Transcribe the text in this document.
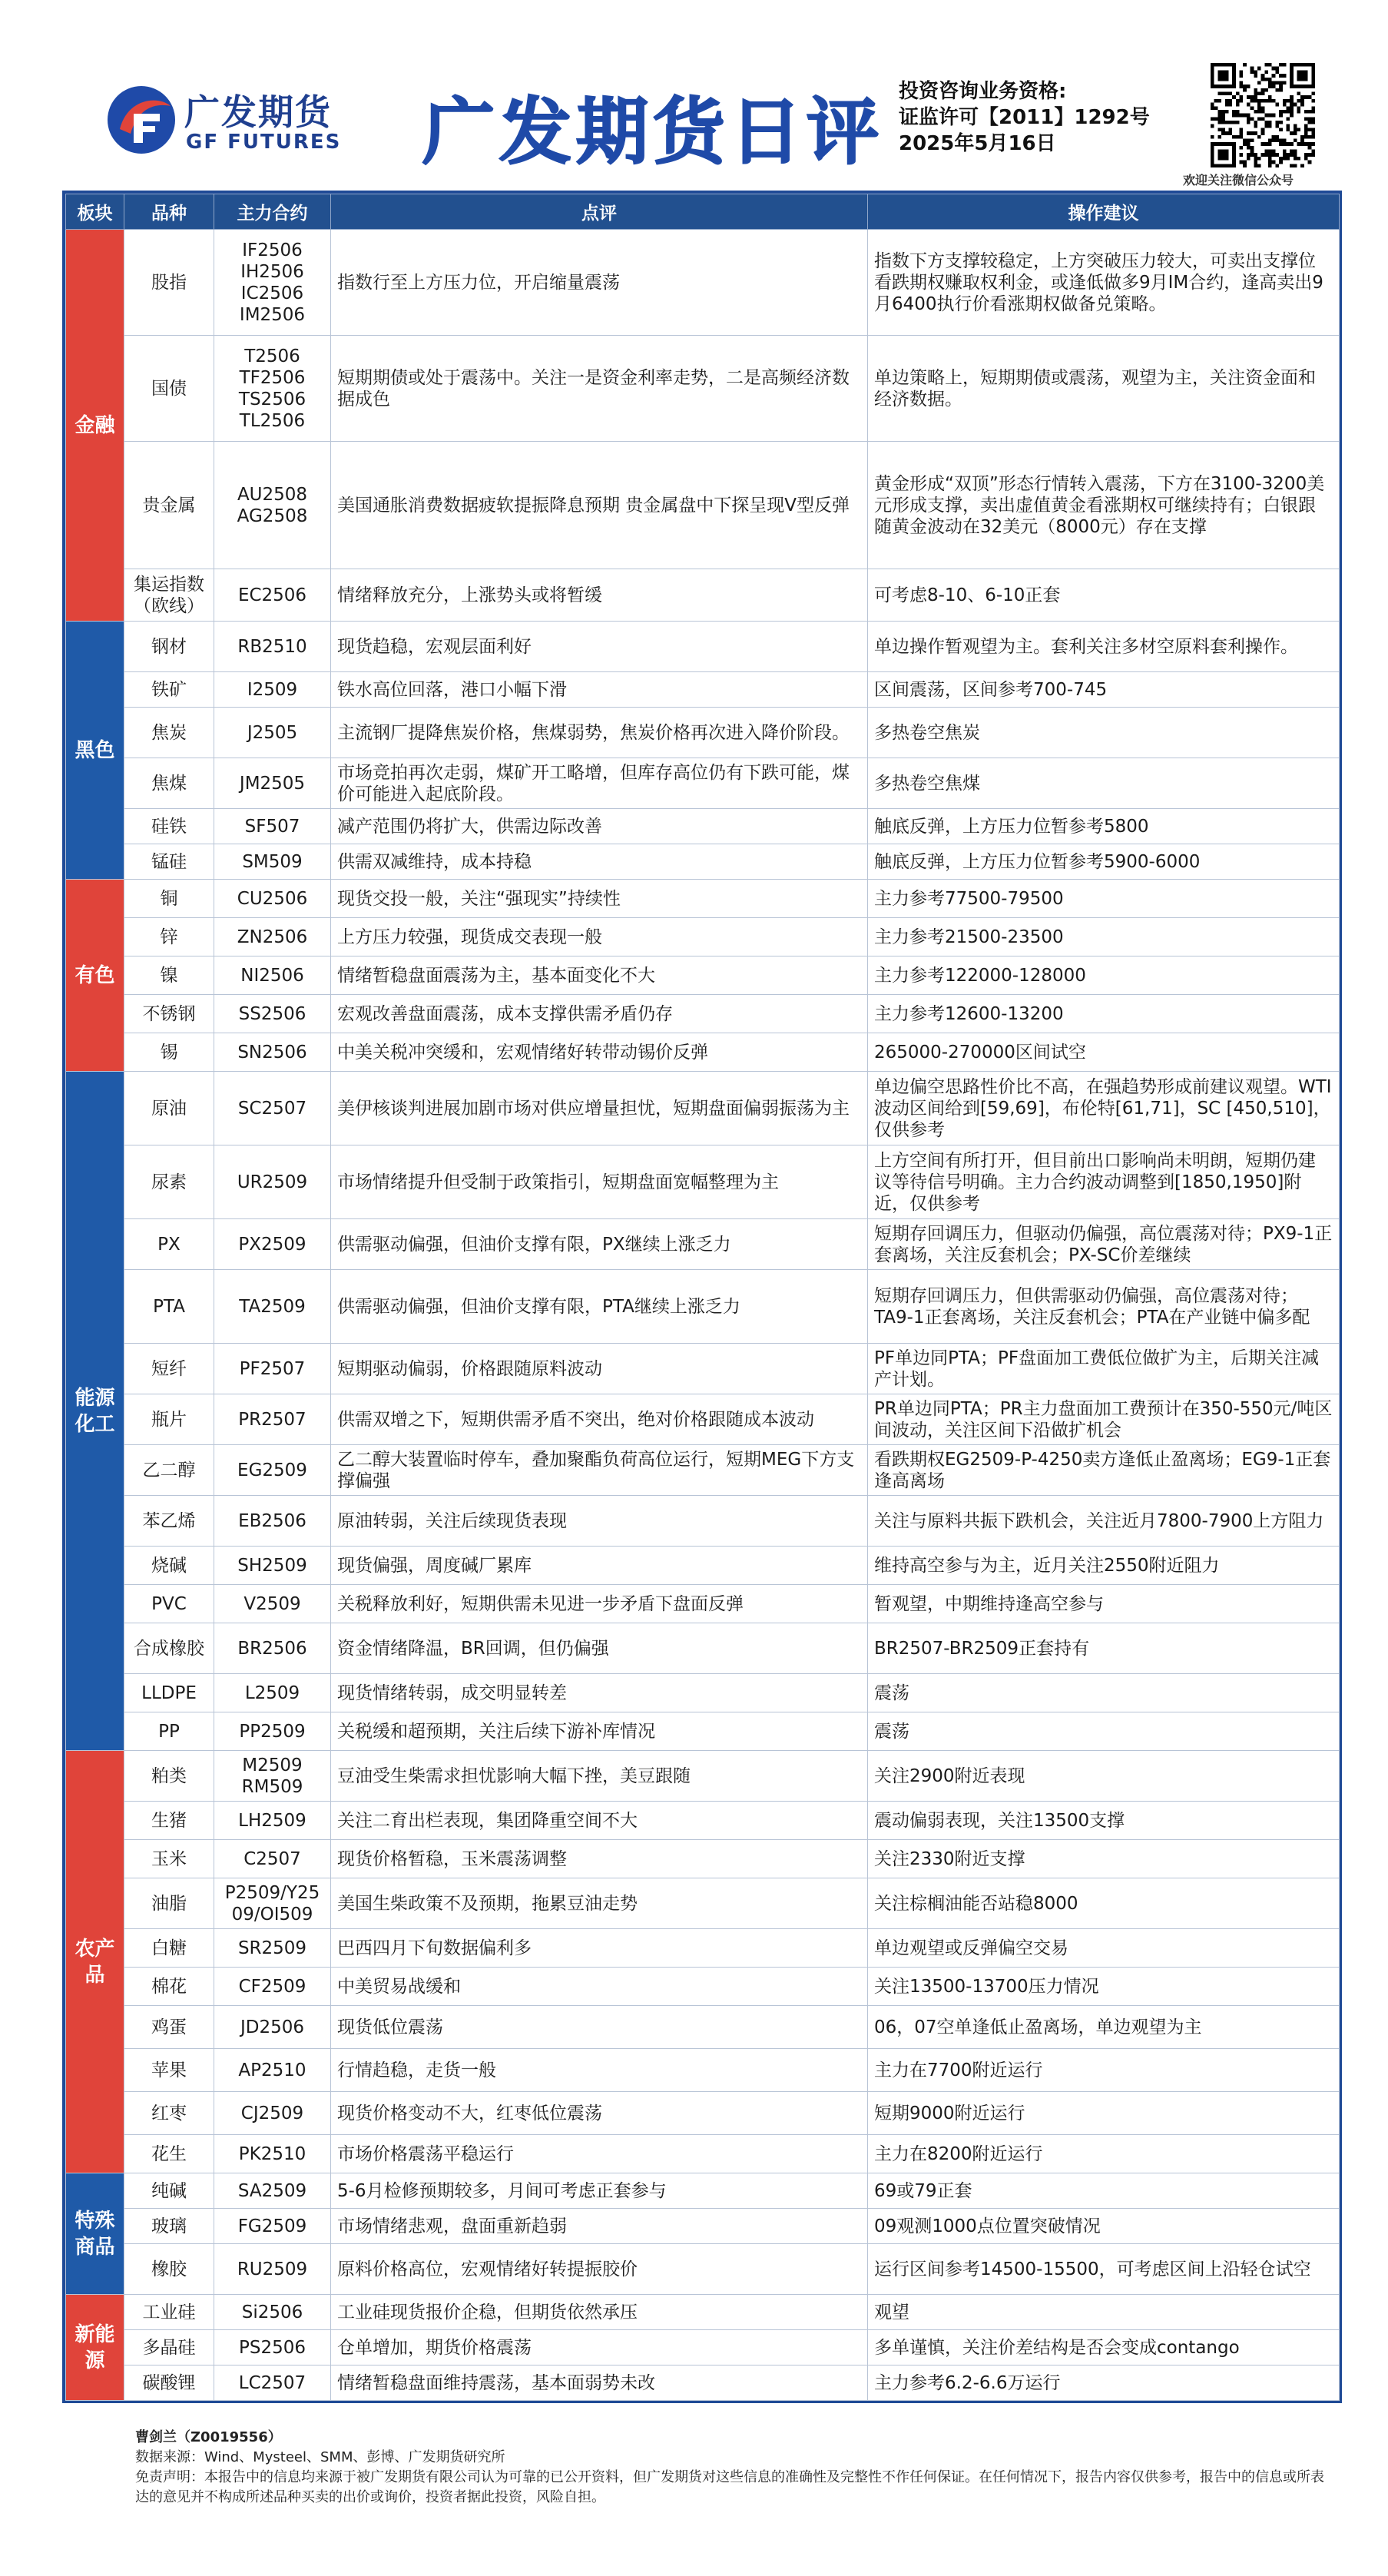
广发期货
GF FUTURES 广发期货日评 投资咨询业务资格:
证监许可【2011】1292号
2025年5月16日
欢迎关注微信公众号
板块	品种	主力合约	点评	操作建议
金融	股指	IF2506
IH2506
IC2506
IM2506	指数行至上方压力位，开启缩量震荡	指数下方支撑较稳定，上方突破压力较大，可卖出支撑位看跌期权赚取权利金，或逢低做多9月IM合约，逢高卖出9月6400执行价看涨期权做备兑策略。
	国债	T2506
TF2506
TS2506
TL2506	短期期债或处于震荡中。关注一是资金利率走势，二是高频经济数据成色	单边策略上，短期期债或震荡，观望为主，关注资金面和经济数据。
	贵金属	AU2508
AG2508	美国通胀消费数据疲软提振降息预期 贵金属盘中下探呈现V型反弹	黄金形成“双顶”形态行情转入震荡，下方在3100-3200美元形成支撑，卖出虚值黄金看涨期权可继续持有；白银跟随黄金波动在32美元（8000元）存在支撑
	集运指数
（欧线）	EC2506	情绪释放充分，上涨势头或将暂缓	可考虑8-10、6-10正套
黑色	钢材	RB2510	现货趋稳，宏观层面利好	单边操作暂观望为主。套利关注多材空原料套利操作。
	铁矿	I2509	铁水高位回落，港口小幅下滑	区间震荡，区间参考700-745
	焦炭	J2505	主流钢厂提降焦炭价格，焦煤弱势，焦炭价格再次进入降价阶段。	多热卷空焦炭
	焦煤	JM2505	市场竞拍再次走弱，煤矿开工略增，但库存高位仍有下跌可能，煤价可能进入起底阶段。	多热卷空焦煤
	硅铁	SF507	减产范围仍将扩大，供需边际改善	触底反弹，上方压力位暂参考5800
	锰硅	SM509	供需双减维持，成本持稳	触底反弹，上方压力位暂参考5900-6000
有色	铜	CU2506	现货交投一般，关注“强现实”持续性	主力参考77500-79500
	锌	ZN2506	上方压力较强，现货成交表现一般	主力参考21500-23500
	镍	NI2506	情绪暂稳盘面震荡为主，基本面变化不大	主力参考122000-128000
	不锈钢	SS2506	宏观改善盘面震荡，成本支撑供需矛盾仍存	主力参考12600-13200
	锡	SN2506	中美关税冲突缓和，宏观情绪好转带动锡价反弹	265000-270000区间试空
能源
化工	原油	SC2507	美伊核谈判进展加剧市场对供应增量担忧，短期盘面偏弱振荡为主	单边偏空思路性价比不高，在强趋势形成前建议观望。WTI波动区间给到[59,69]，布伦特[61,71]，SC [450,510]，仅供参考
	尿素	UR2509	市场情绪提升但受制于政策指引，短期盘面宽幅整理为主	上方空间有所打开，但目前出口影响尚未明朗，短期仍建议等待信号明确。主力合约波动调整到[1850,1950]附近，仅供参考
	PX	PX2509	供需驱动偏强，但油价支撑有限，PX继续上涨乏力	短期存回调压力，但驱动仍偏强，高位震荡对待；PX9-1正套离场，关注反套机会；PX-SC价差继续
	PTA	TA2509	供需驱动偏强，但油价支撑有限，PTA继续上涨乏力	短期存回调压力，但供需驱动仍偏强，高位震荡对待；TA9-1正套离场，关注反套机会；PTA在产业链中偏多配
	短纤	PF2507	短期驱动偏弱，价格跟随原料波动	PF单边同PTA；PF盘面加工费低位做扩为主，后期关注减产计划。
	瓶片	PR2507	供需双增之下，短期供需矛盾不突出，绝对价格跟随成本波动	PR单边同PTA；PR主力盘面加工费预计在350-550元/吨区间波动，关注区间下沿做扩机会
	乙二醇	EG2509	乙二醇大装置临时停车，叠加聚酯负荷高位运行，短期MEG下方支撑偏强	看跌期权EG2509-P-4250卖方逢低止盈离场；EG9-1正套逢高离场
	苯乙烯	EB2506	原油转弱，关注后续现货表现	关注与原料共振下跌机会，关注近月7800-7900上方阻力
	烧碱	SH2509	现货偏强，周度碱厂累库	维持高空参与为主，近月关注2550附近阻力
	PVC	V2509	关税释放利好，短期供需未见进一步矛盾下盘面反弹	暂观望，中期维持逢高空参与
	合成橡胶	BR2506	资金情绪降温，BR回调，但仍偏强	BR2507-BR2509正套持有
	LLDPE	L2509	现货情绪转弱，成交明显转差	震荡
	PP	PP2509	关税缓和超预期，关注后续下游补库情况	震荡
农产品	粕类	M2509
RM509	豆油受生柴需求担忧影响大幅下挫，美豆跟随	关注2900附近表现
	生猪	LH2509	关注二育出栏表现，集团降重空间不大	震动偏弱表现，关注13500支撑
	玉米	C2507	现货价格暂稳，玉米震荡调整	关注2330附近支撑
	油脂	P2509/Y25
09/OI509	美国生柴政策不及预期，拖累豆油走势	关注棕榈油能否站稳8000
	白糖	SR2509	巴西四月下旬数据偏利多	单边观望或反弹偏空交易
	棉花	CF2509	中美贸易战缓和	关注13500-13700压力情况
	鸡蛋	JD2506	现货低位震荡	06，07空单逢低止盈离场，单边观望为主
	苹果	AP2510	行情趋稳，走货一般	主力在7700附近运行
	红枣	CJ2509	现货价格变动不大，红枣低位震荡	短期9000附近运行
	花生	PK2510	市场价格震荡平稳运行	主力在8200附近运行
特殊
商品	纯碱	SA2509	5-6月检修预期较多，月间可考虑正套参与	69或79正套
	玻璃	FG2509	市场情绪悲观，盘面重新趋弱	09观测1000点位置突破情况
	橡胶	RU2509	原料价格高位，宏观情绪好转提振胶价	运行区间参考14500-15500，可考虑区间上沿轻仓试空
新能源	工业硅	Si2506	工业硅现货报价企稳，但期货依然承压	观望
	多晶硅	PS2506	仓单增加，期货价格震荡	多单谨慎，关注价差结构是否会变成contango
	碳酸锂	LC2507	情绪暂稳盘面维持震荡，基本面弱势未改	主力参考6.2-6.6万运行
曹剑兰（Z0019556）
数据来源：Wind、Mysteel、SMM、彭博、广发期货研究所
免责声明：本报告中的信息均来源于被广发期货有限公司认为可靠的已公开资料，但广发期货对这些信息的准确性及完整性不作任何保证。在任何情况下，报告内容仅供参考，报告中的信息或所表达的意见并不构成所述品种买卖的出价或询价，投资者据此投资，风险自担。
